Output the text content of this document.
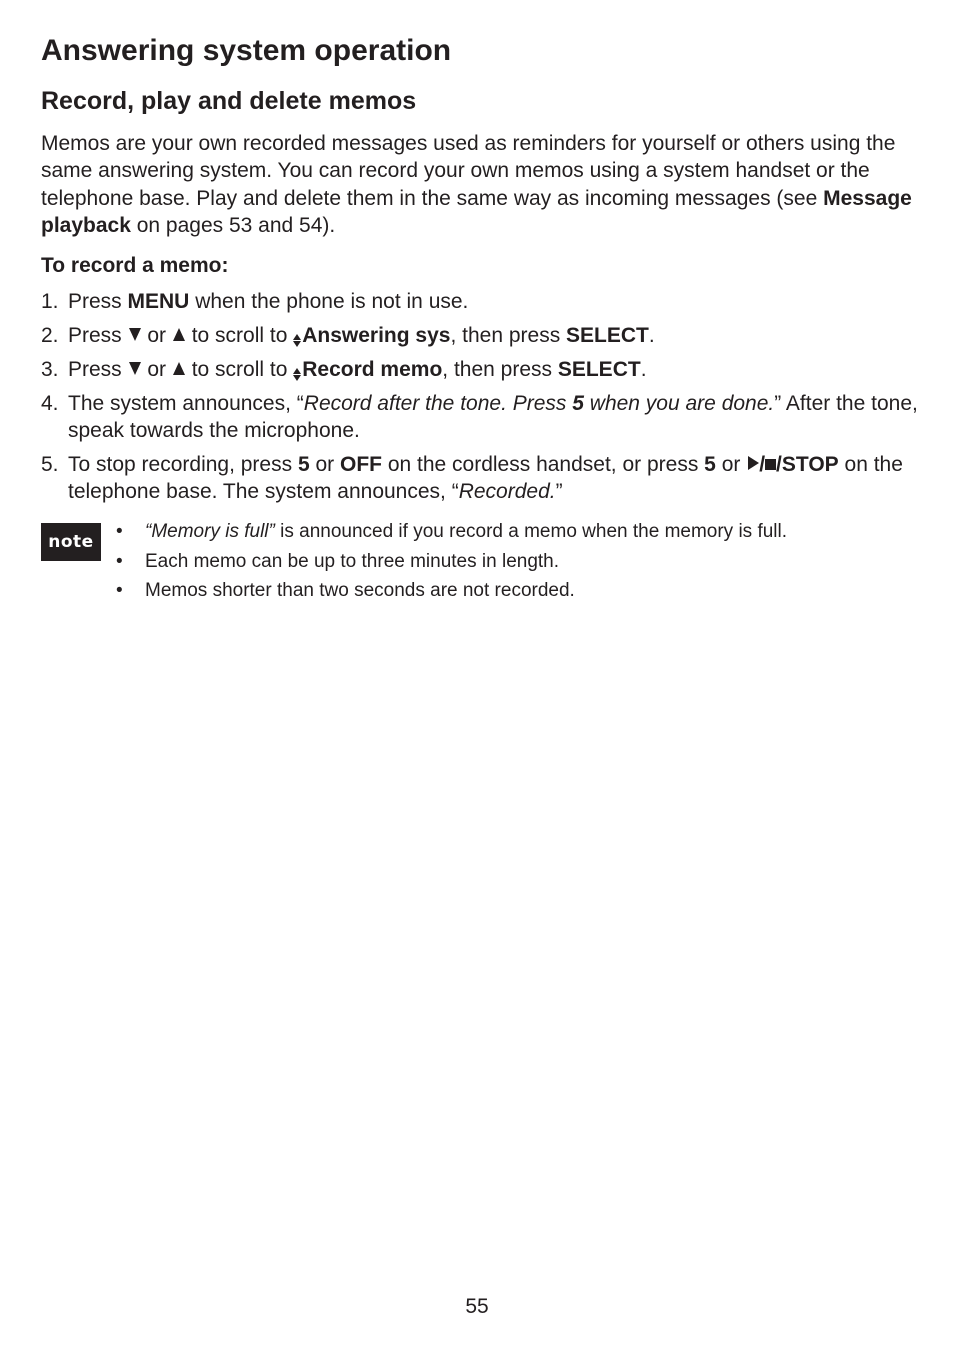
Answering system operation
Record, play and delete memos

Memos are your own recorded messages used as reminders for yourself or others using the same answering system. You can record your own memos using a system handset or the telephone base. Play and delete them in the same way as incoming messages (see Message playback on pages 53 and 54).

To record a memo:
1. Press MENU when the phone is not in use.
2. Press  or  to scroll to
Answering sys, then press SELECT.
3. Press  or  to scroll to
Record memo, then press SELECT.
4. The system announces, “Record after the tone. Press 5 when you are done.” After the tone, speak towards the microphone.
5. To stop recording, press 5 or OFF on the cordless handset, or press 5 or / /STOP on the telephone base. The system announces, “Recorded.”
note	• “Memory is full” is announced if you record a memo when the memory is full.
• Each memo can be up to three minutes in length.
• Memos shorter than two seconds are not recorded.
55
